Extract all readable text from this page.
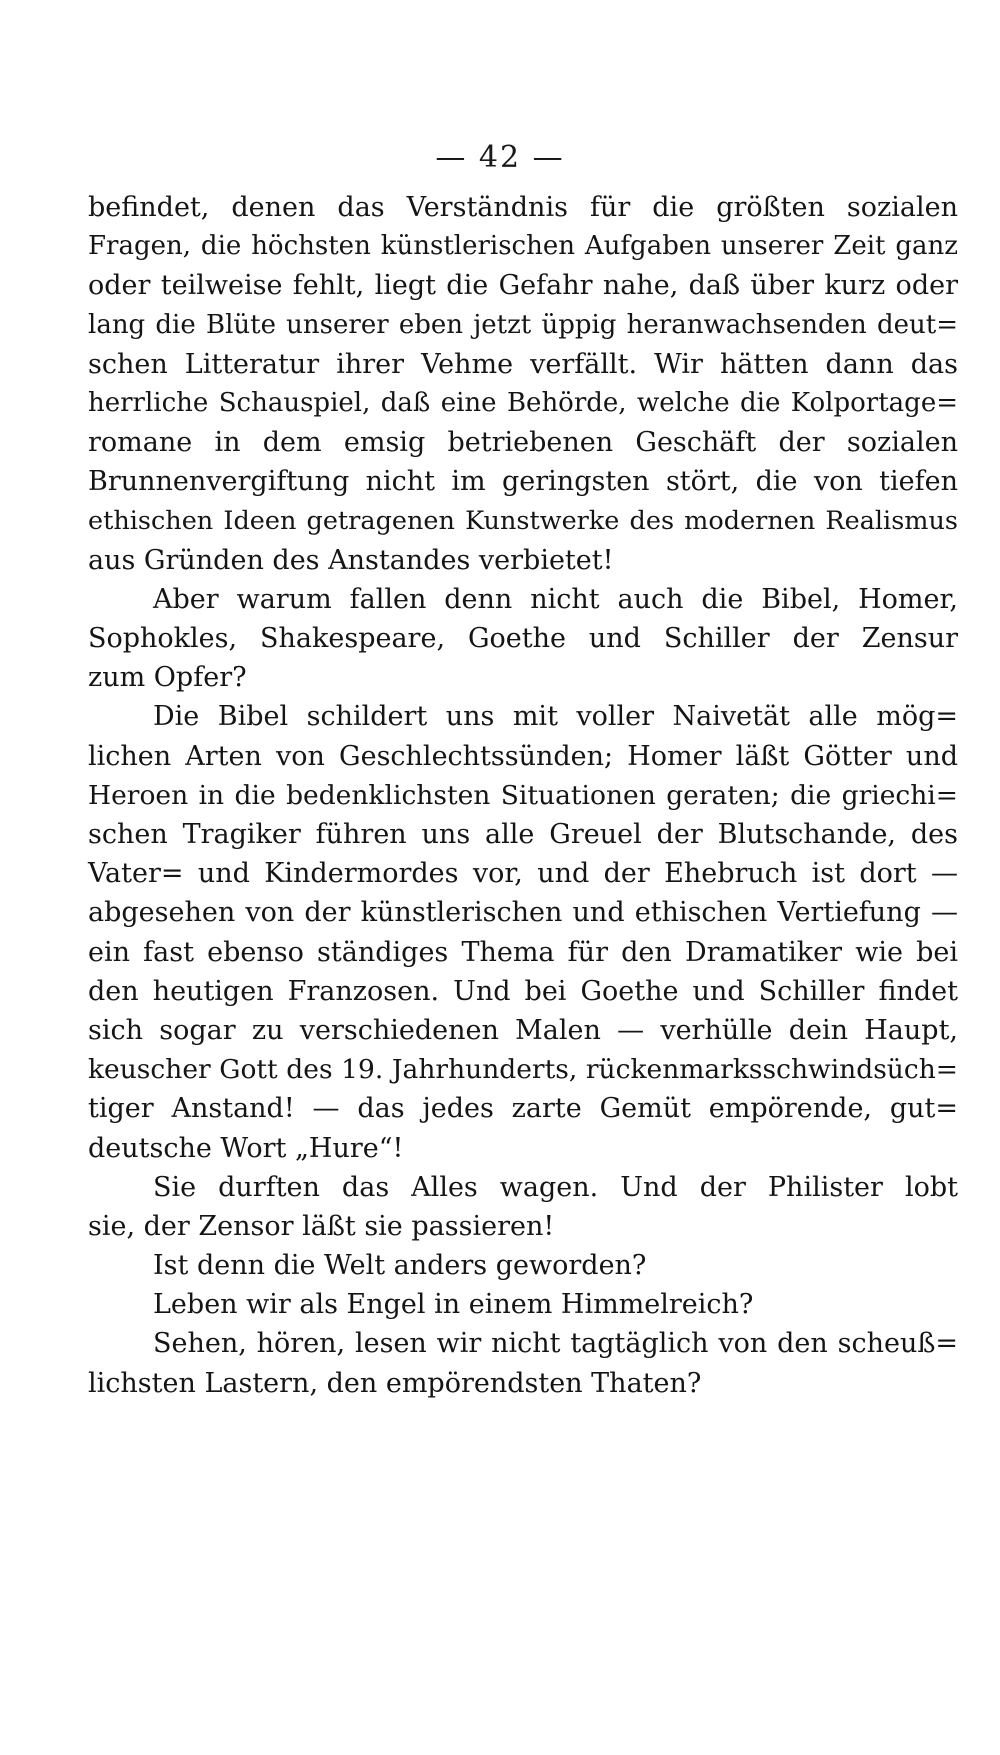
— 42 —
befindet, denen das Verständnis für die größten sozialen
Fragen, die höchsten künstlerischen Aufgaben unserer Zeit ganz
oder teilweise fehlt, liegt die Gefahr nahe, daß über kurz oder
lang die Blüte unserer eben jetzt üppig heranwachsenden deut=
schen Litteratur ihrer Vehme verfällt. Wir hätten dann das
herrliche Schauspiel, daß eine Behörde, welche die Kolportage=
romane in dem emsig betriebenen Geschäft der sozialen
Brunnenvergiftung nicht im geringsten stört, die von tiefen
ethischen Ideen getragenen Kunstwerke des modernen Realismus
aus Gründen des Anstandes verbietet!
Aber warum fallen denn nicht auch die Bibel, Homer,
Sophokles, Shakespeare, Goethe und Schiller der Zensur
zum Opfer?
Die Bibel schildert uns mit voller Naivetät alle mög=
lichen Arten von Geschlechtssünden; Homer läßt Götter und
Heroen in die bedenklichsten Situationen geraten; die griechi=
schen Tragiker führen uns alle Greuel der Blutschande, des
Vater= und Kindermordes vor, und der Ehebruch ist dort —
abgesehen von der künstlerischen und ethischen Vertiefung —
ein fast ebenso ständiges Thema für den Dramatiker wie bei
den heutigen Franzosen. Und bei Goethe und Schiller findet
sich sogar zu verschiedenen Malen — verhülle dein Haupt,
keuscher Gott des 19. Jahrhunderts, rückenmarksschwindsüch=
tiger Anstand! — das jedes zarte Gemüt empörende, gut=
deutsche Wort „Hure“!
Sie durften das Alles wagen. Und der Philister lobt
sie, der Zensor läßt sie passieren!
Ist denn die Welt anders geworden?
Leben wir als Engel in einem Himmelreich?
Sehen, hören, lesen wir nicht tagtäglich von den scheuß=
lichsten Lastern, den empörendsten Thaten?
